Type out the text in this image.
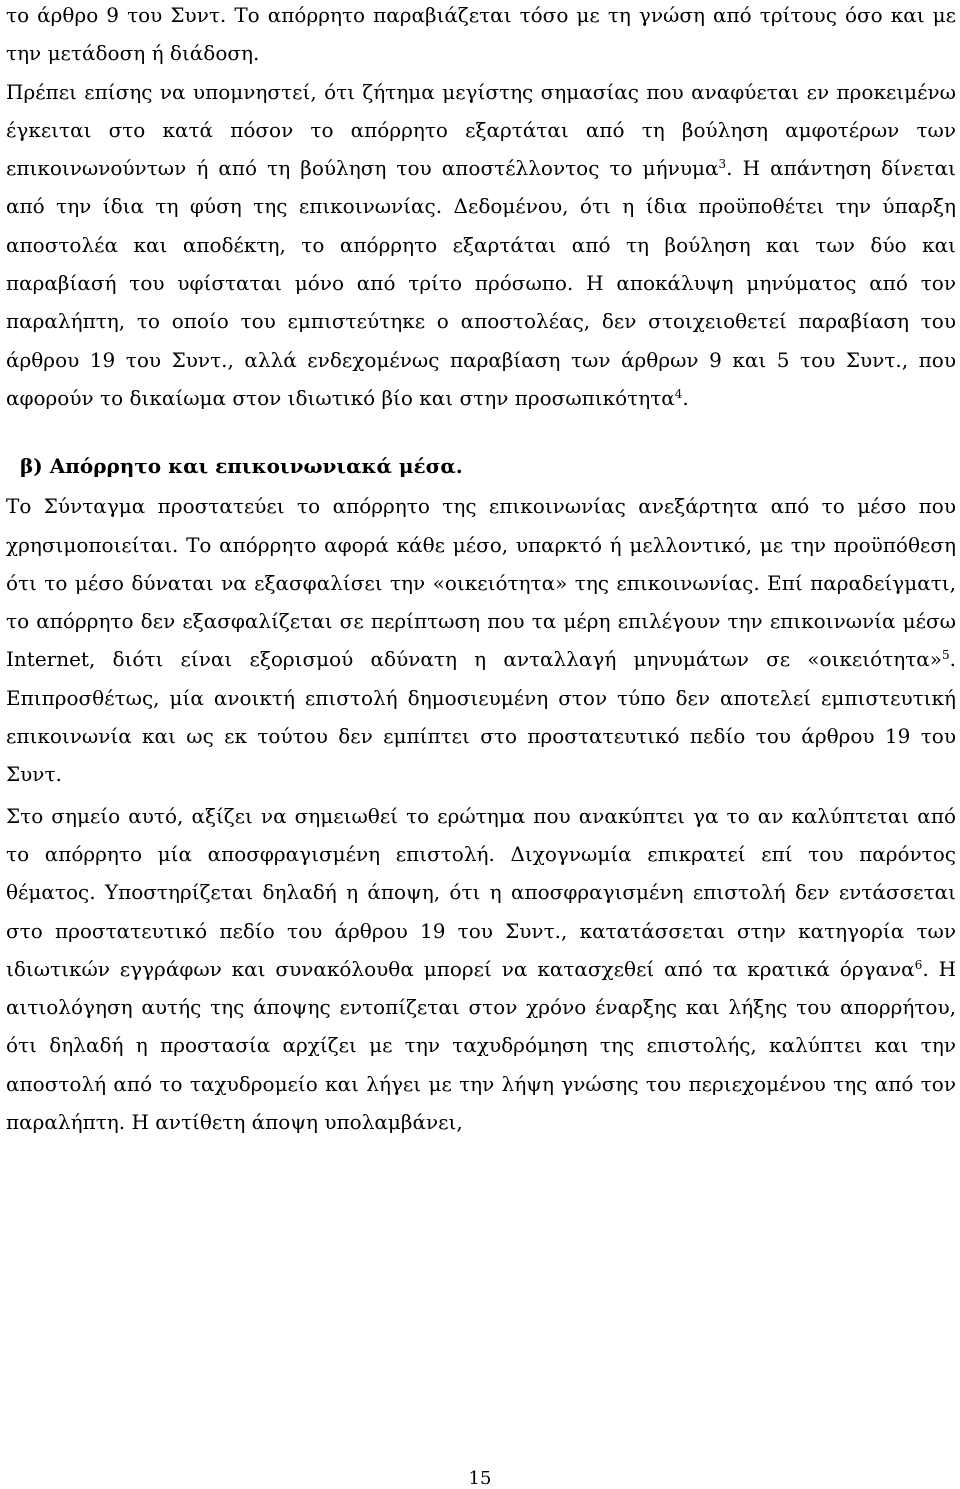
το άρθρο 9 του Συντ. Το απόρρητο παραβιάζεται τόσο με τη γνώση από τρίτους όσο και με την μετάδοση ή διάδοση.

Πρέπει επίσης να υπομνηστεί, ότι ζήτημα μεγίστης σημασίας που αναφύεται εν προκειμένω έγκειται στο κατά πόσον το απόρρητο εξαρτάται από τη βούληση αμφοτέρων των επικοινωνούντων ή από τη βούληση του αποστέλλοντος το μήνυμα$^3$. Η απάντηση δίνεται από την ίδια τη φύση της επικοινωνίας. Δεδομένου, ότι η ίδια προϋποθέτει την ύπαρξη αποστολέα και αποδέκτη, το απόρρητο εξαρτάται από τη βούληση και των δύο και παραβίασή του υφίσταται μόνο από τρίτο πρόσωπο. Η αποκάλυψη μηνύματος από τον παραλήπτη, το οποίο του εμπιστεύτηκε ο αποστολέας, δεν στοιχειοθετεί παραβίαση του άρθρου 19 του Συντ., αλλά ενδεχομένως παραβίαση των άρθρων 9 και 5 του Συντ., που αφορούν το δικαίωμα στον ιδιωτικό βίο και στην προσωπικότητα$^4$.

β) Απόρρητο και επικοινωνιακά μέσα.

Το Σύνταγμα προστατεύει το απόρρητο της επικοινωνίας ανεξάρτητα από το μέσο που χρησιμοποιείται. Το απόρρητο αφορά κάθε μέσο, υπαρκτό ή μελλοντικό, με την προϋπόθεση ότι το μέσο δύναται να εξασφαλίσει την «οικειότητα» της επικοινωνίας. Επί παραδείγματι, το απόρρητο δεν εξασφαλίζεται σε περίπτωση που τα μέρη επιλέγουν την επικοινωνία μέσω Internet, διότι είναι εξορισμού αδύνατη η ανταλλαγή μηνυμάτων σε «οικειότητα»$^5$. Επιπροσθέτως, μία ανοικτή επιστολή δημοσιευμένη στον τύπο δεν αποτελεί εμπιστευτική επικοινωνία και ως εκ τούτου δεν εμπίπτει στο προστατευτικό πεδίο του άρθρου 19 του Συντ.

Στο σημείο αυτό, αξίζει να σημειωθεί το ερώτημα που ανακύπτει γα το αν καλύπτεται από το απόρρητο μία αποσφραγισμένη επιστολή. Διχογνωμία επικρατεί επί του παρόντος θέματος. Υποστηρίζεται δηλαδή η άποψη, ότι η αποσφραγισμένη επιστολή δεν εντάσσεται στο προστατευτικό πεδίο του άρθρου 19 του Συντ., κατατάσσεται στην κατηγορία των ιδιωτικών εγγράφων και συνακόλουθα μπορεί να κατασχεθεί από τα κρατικά όργανα$^6$. Η αιτιολόγηση αυτής της άποψης εντοπίζεται στον χρόνο έναρξης και λήξης του απορρήτου, ότι δηλαδή η προστασία αρχίζει με την ταχυδρόμηση της επιστολής, καλύπτει και την αποστολή από το ταχυδρομείο και λήγει με την λήψη γνώσης του περιεχομένου της από τον παραλήπτη. Η αντίθετη άποψη υπολαμβάνει,

15
